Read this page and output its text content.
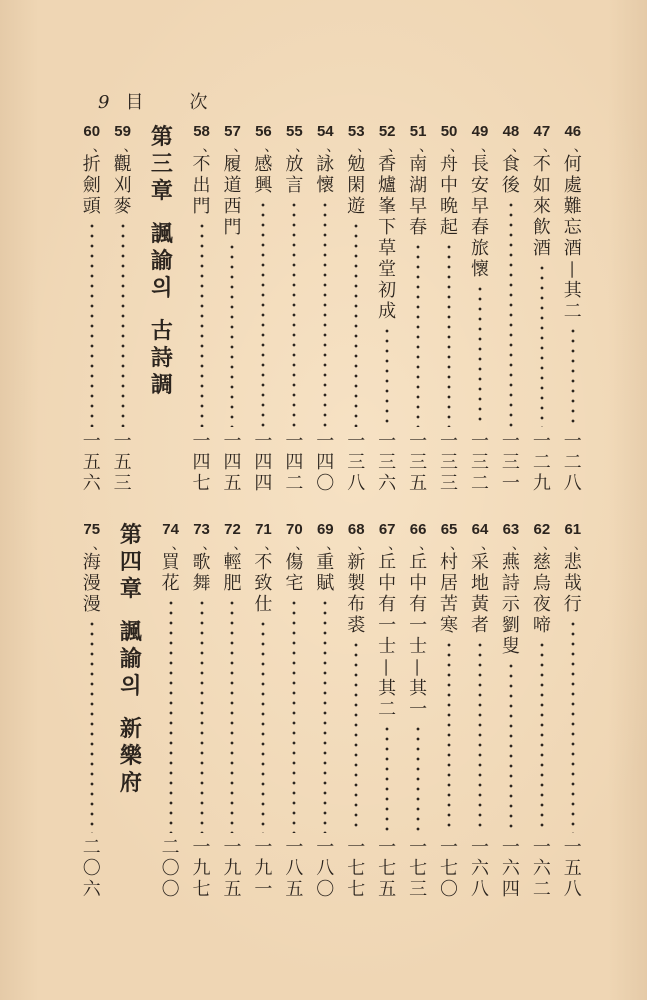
9 目 次
46
、
何
處
難
忘
酒
—
其
二
一
二
八
47
、
不
如
來
飮
酒
一
二
九
48
、
食
後
一
三
一
49
、
長
安
早
春
旅
懷
一
三
二
50
、
舟
中
晩
起
一
三
三
51
、
南
湖
早
春
一
三
五
52
、
香
爐
峯
下
草
堂
初
成
一
三
六
53
、
勉
閑
遊
一
三
八
54
、
詠
懷
一
四
〇
55
、
放
言
一
四
二
56
、
感
興
一
四
四
57
、
履
道
西
門
一
四
五
58
、
不
出
門
一
四
七
第
三
章
諷
諭
의
古
詩
調
59
、
觀
刈
麥
一
五
三
60
、
折
劍
頭
一
五
六
61
、
悲
哉
行
一
五
八
62
、
慈
烏
夜
啼
一
六
二
63
、
燕
詩
示
劉
叟
一
六
四
64
、
采
地
黃
者
一
六
八
65
、
村
居
苦
寒
一
七
〇
66
、
丘
中
有
一
士
—
其
一
一
七
三
67
、
丘
中
有
一
士
—
其
二
一
七
五
68
、
新
製
布
裘
一
七
七
69
、
重
賦
一
八
〇
70
、
傷
宅
一
八
五
71
、
不
致
仕
一
九
一
72
、
輕
肥
一
九
五
73
、
歌
舞
一
九
七
74
、
買
花
二
〇
〇
第
四
章
諷
諭
의
新
樂
府
75
、
海
漫
漫
二
〇
六
